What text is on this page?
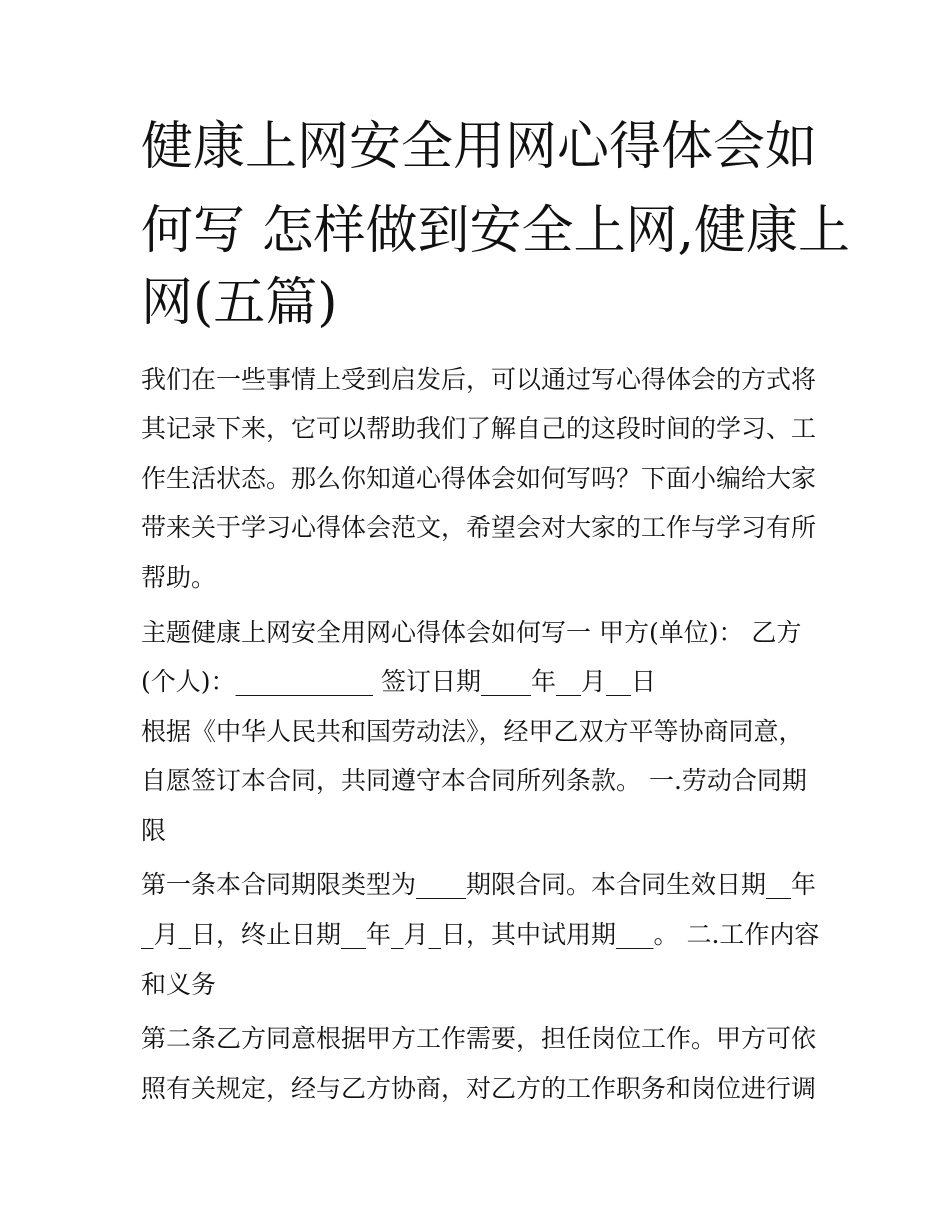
健康上网安全用网心得体会如
何写 怎样做到安全上网,健康上
网(五篇)
我们在一些事情上受到启发后，可以通过写心得体会的方式将
其记录下来，它可以帮助我们了解自己的这段时间的学习、工
作生活状态。那么你知道心得体会如何写吗？下面小编给大家
带来关于学习心得体会范文，希望会对大家的工作与学习有所
帮助。
主题健康上网安全用网心得体会如何写一 甲方(单位)： 乙方
(个人)：___________ 签订日期____年__月__日
根据《中华人民共和国劳动法》，经甲乙双方平等协商同意，
自愿签订本合同，共同遵守本合同所列条款。 一.劳动合同期
限
第一条本合同期限类型为____期限合同。本合同生效日期__年
_月_日，终止日期__年_月_日，其中试用期___。 二.工作内容
和义务
第二条乙方同意根据甲方工作需要，担任岗位工作。甲方可依
照有关规定，经与乙方协商，对乙方的工作职务和岗位进行调
